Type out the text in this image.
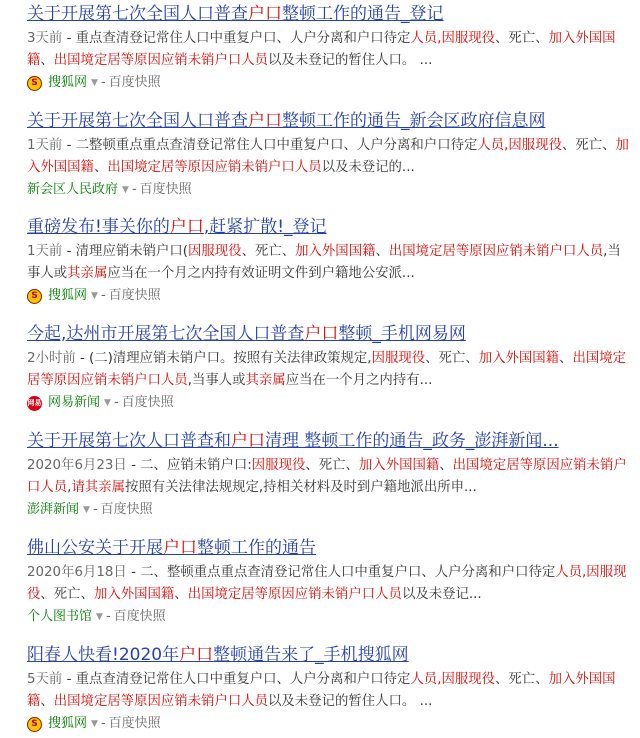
关于开展第七次全国人口普查户口整顿工作的通告_登记
3天前 - 重点查清登记常住人口中重复户口、人户分离和户口待定人员,因服现役、死亡、加入外国国籍、出国境定居等原因应销未销户口人员以及未登记的暂住人口。 ...
S 搜狐网 ▼ - 百度快照
关于开展第七次全国人口普查户口整顿工作的通告_新会区政府信息网
1天前 - 二整顿重点重点查清登记常住人口中重复户口、人户分离和户口待定人员,因服现役、死亡、加入外国国籍、出国境定居等原因应销未销户口人员以及未登记的...
新会区人民政府 ▼ - 百度快照
重磅发布!事关你的户口,赶紧扩散!_登记
1天前 - 清理应销未销户口(因服现役、死亡、加入外国国籍、出国境定居等原因应销未销户口人员,当事人或其亲属应当在一个月之内持有效证明文件到户籍地公安派...
S 搜狐网 ▼ - 百度快照
今起,达州市开展第七次全国人口普查户口整顿_手机网易网
2小时前 - (二)清理应销未销户口。按照有关法律政策规定,因服现役、死亡、加入外国国籍、出国境定居等原因应销未销户口人员,当事人或其亲属应当在一个月之内持有...
网易 网易新闻 ▼ - 百度快照
关于开展第七次人口普查和户口清理 整顿工作的通告_政务_澎湃新闻...
2020年6月23日 - 二、应销未销户口:因服现役、死亡、加入外国国籍、出国境定居等原因应销未销户口人员,请其亲属按照有关法律法规规定,持相关材料及时到户籍地派出所申...
澎湃新闻 ▼ - 百度快照
佛山公安关于开展户口整顿工作的通告
2020年6月18日 - 二、整顿重点重点查清登记常住人口中重复户口、人户分离和户口待定人员,因服现役、死亡、加入外国国籍、出国境定居等原因应销未销户口人员以及未登记...
个人图书馆 ▼ - 百度快照
阳春人快看!2020年户口整顿通告来了_手机搜狐网
5天前 - 重点查清登记常住人口中重复户口、人户分离和户口待定人员,因服现役、死亡、加入外国国籍、出国境定居等原因应销未销户口人员以及未登记的暂住人口。 ...
S 搜狐网 ▼ - 百度快照
